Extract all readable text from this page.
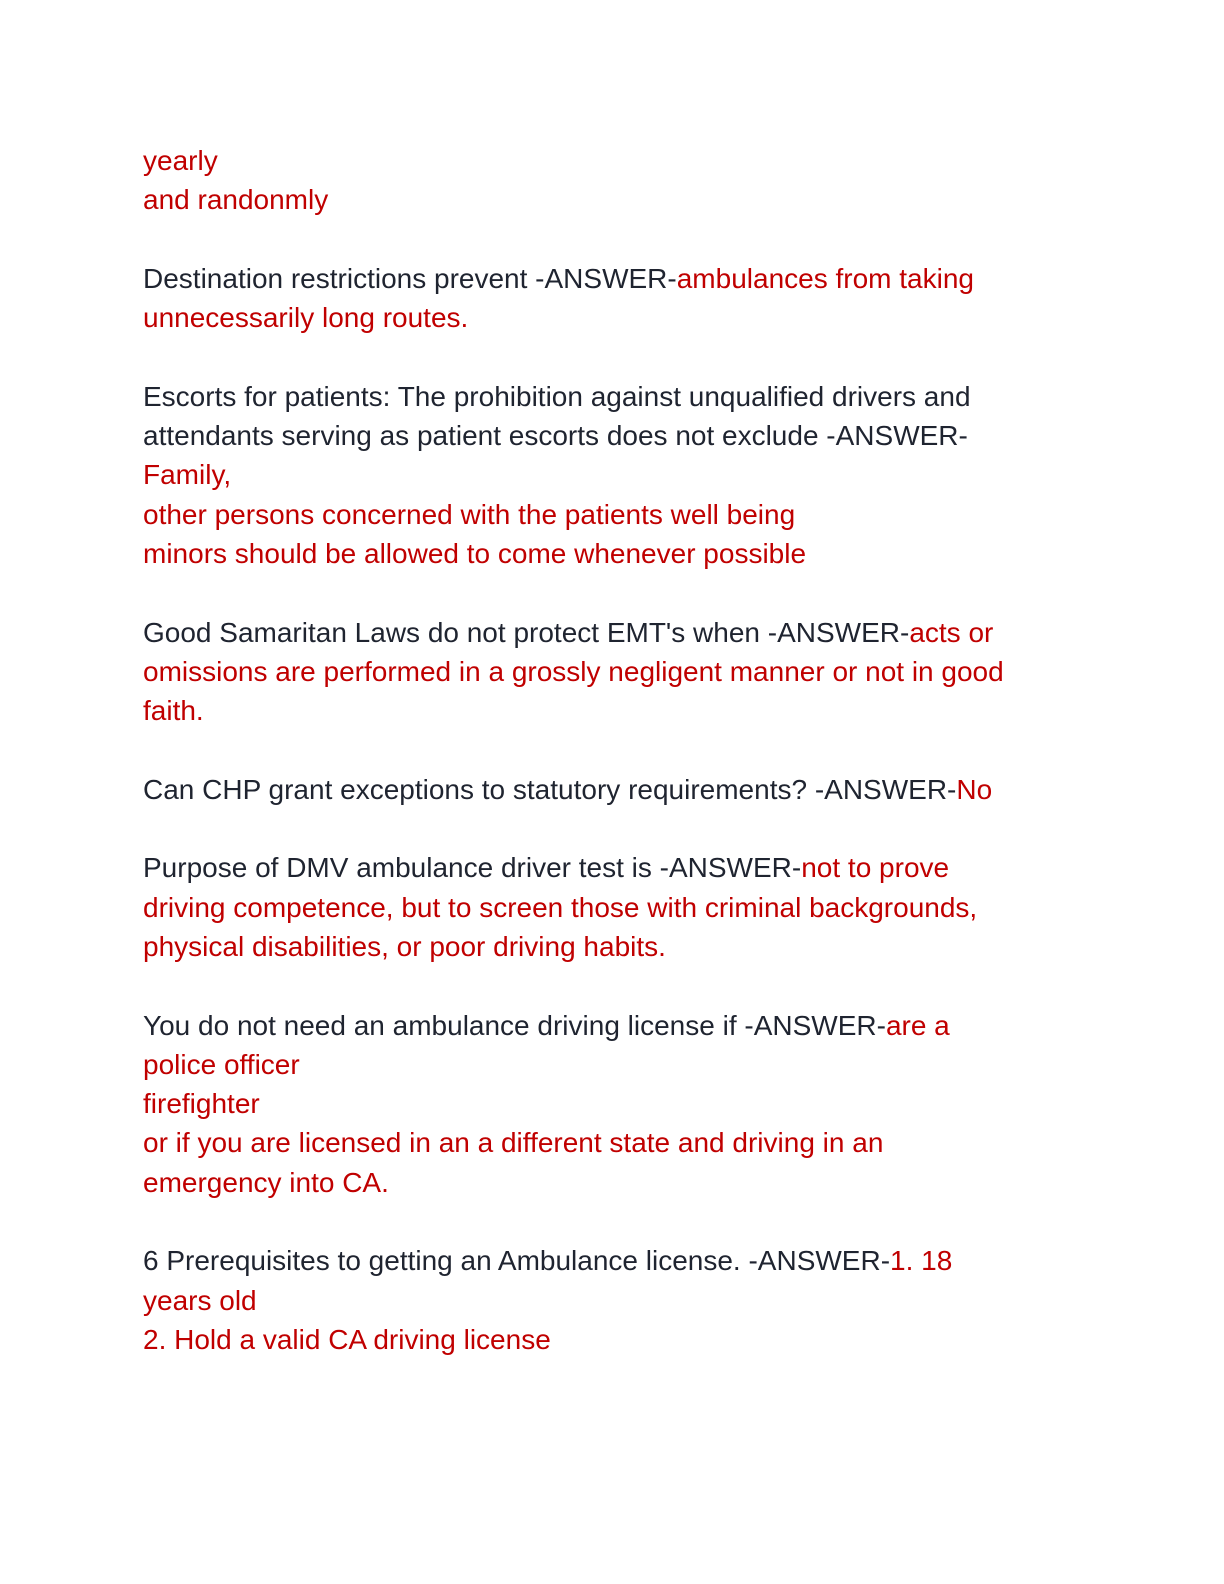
yearly
and randonmly
Destination restrictions prevent -ANSWER-ambulances from taking
unnecessarily long routes.
Escorts for patients: The prohibition against unqualified drivers and
attendants serving as patient escorts does not exclude -ANSWER-
Family,
other persons concerned with the patients well being
minors should be allowed to come whenever possible
Good Samaritan Laws do not protect EMT's when -ANSWER-acts or
omissions are performed in a grossly negligent manner or not in good
faith.
Can CHP grant exceptions to statutory requirements? -ANSWER-No
Purpose of DMV ambulance driver test is -ANSWER-not to prove
driving competence, but to screen those with criminal backgrounds,
physical disabilities, or poor driving habits.
You do not need an ambulance driving license if -ANSWER-are a
police officer
firefighter
or if you are licensed in an a different state and driving in an
emergency into CA.
6 Prerequisites to getting an Ambulance license. -ANSWER-1. 18
years old
2. Hold a valid CA driving license
